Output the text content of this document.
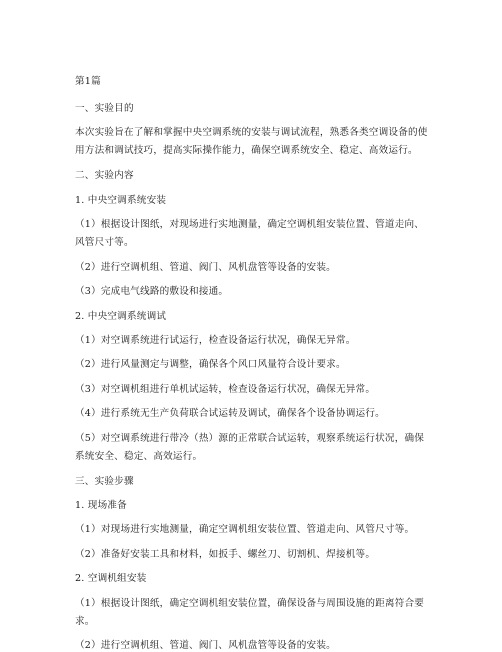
第1篇
一、实验目的
本次实验旨在了解和掌握中央空调系统的安装与调试流程，熟悉各类空调设备的使
用方法和调试技巧，提高实际操作能力，确保空调系统安全、稳定、高效运行。
二、实验内容
1. 中央空调系统安装
（1）根据设计图纸，对现场进行实地测量，确定空调机组安装位置、管道走向、
风管尺寸等。
（2）进行空调机组、管道、阀门、风机盘管等设备的安装。
（3）完成电气线路的敷设和接通。
2. 中央空调系统调试
（1）对空调系统进行试运行，检查设备运行状况，确保无异常。
（2）进行风量测定与调整，确保各个风口风量符合设计要求。
（3）对空调机组进行单机试运转，检查设备运行状况，确保无异常。
（4）进行系统无生产负荷联合试运转及调试，确保各个设备协调运行。
（5）对空调系统进行带冷（热）源的正常联合试运转，观察系统运行状况，确保
系统安全、稳定、高效运行。
三、实验步骤
1. 现场准备
（1）对现场进行实地测量，确定空调机组安装位置、管道走向、风管尺寸等。
（2）准备好安装工具和材料，如扳手、螺丝刀、切割机、焊接机等。
2. 空调机组安装
（1）根据设计图纸，确定空调机组安装位置，确保设备与周围设施的距离符合要
求。
（2）进行空调机组、管道、阀门、风机盘管等设备的安装。
